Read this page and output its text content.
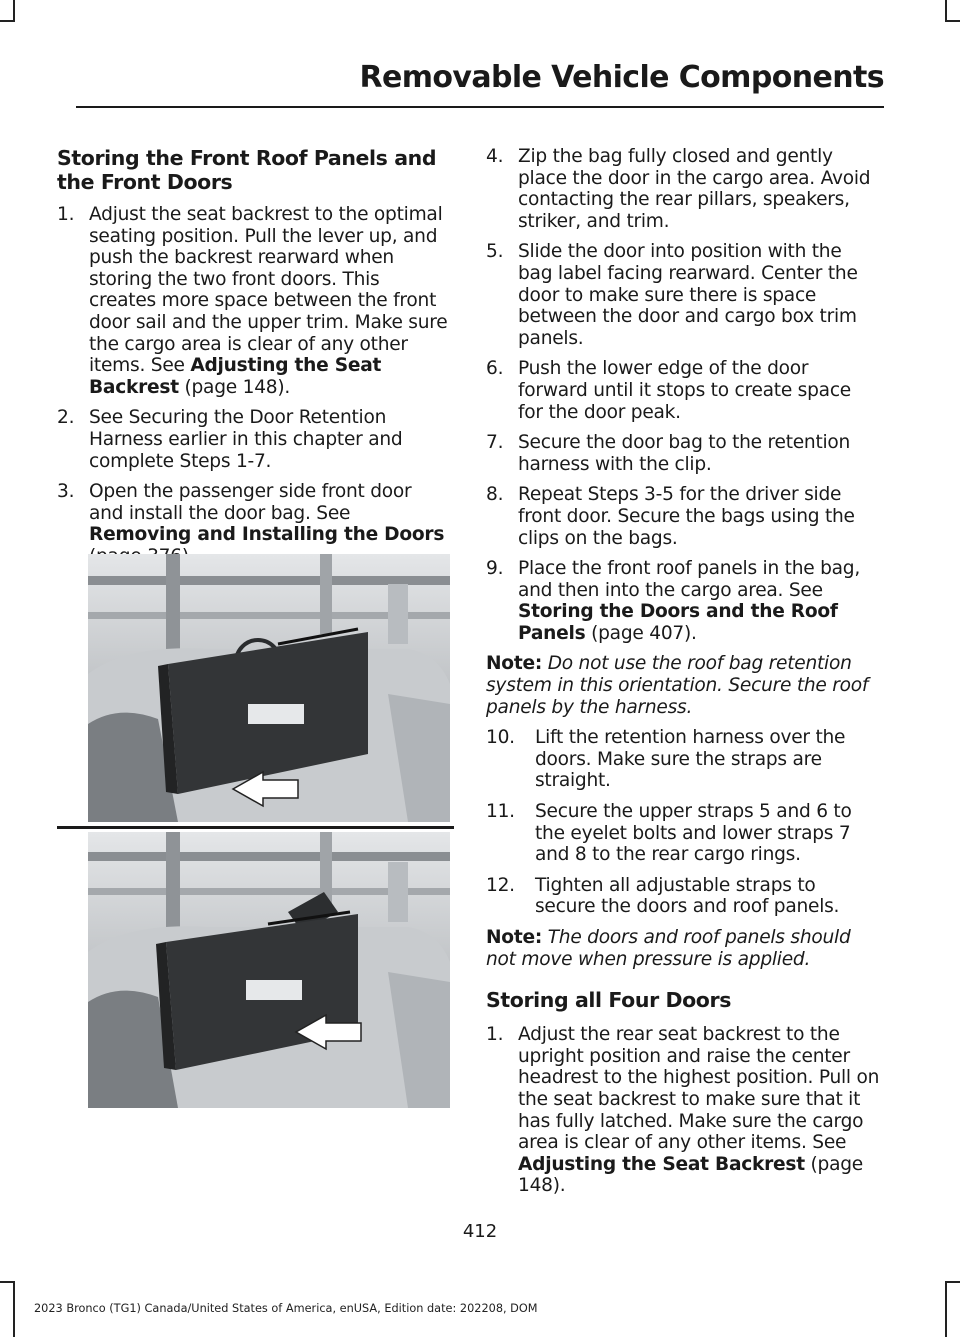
Removable Vehicle Components
Storing the Front Roof Panels and the Front Doors
1. Adjust the seat backrest to the optimal seating position. Pull the lever up, and push the backrest rearward when storing the two front doors. This creates more space between the front door sail and the upper trim. Make sure the cargo area is clear of any other items. See Adjusting the Seat Backrest (page 148).
2. See Securing the Door Retention Harness earlier in this chapter and complete Steps 1-7.
3. Open the passenger side front door and install the door bag. See Removing and Installing the Doors
4. Zip the bag fully closed and gently place the door in the cargo area. Avoid contacting the rear pillars, speakers, striker, and trim.
5. Slide the door into position with the bag label facing rearward. Center the door to make sure there is space between the door and cargo box trim panels.
6. Push the lower edge of the door forward until it stops to create space for the door peak.
7. Secure the door bag to the retention harness with the clip.
8. Repeat Steps 3-5 for the driver side front door. Secure the bags using the clips on the bags.
9. Place the front roof panels in the bag, and then into the cargo area. See Storing the Doors and the Roof Panels (page 407).

Note: Do not use the roof bag retention system in this orientation. Secure the roof panels by the harness.

10. Lift the retention harness over the doors. Make sure the straps are straight.
11. Secure the upper straps 5 and 6 to the eyelet bolts and lower straps 7 and 8 to the rear cargo rings.
12. Tighten all adjustable straps to secure the doors and roof panels.

Note: The doors and roof panels should not move when pressure is applied.

Storing all Four Doors
1. Adjust the rear seat backrest to the upright position and raise the center headrest to the highest position. Pull on the seat backrest to make sure that it has fully latched. Make sure the cargo area is clear of any other items. See Adjusting the Seat Backrest (page 148).
412
2023 Bronco (TG1) Canada/United States of America, enUSA, Edition date: 202208, DOM
